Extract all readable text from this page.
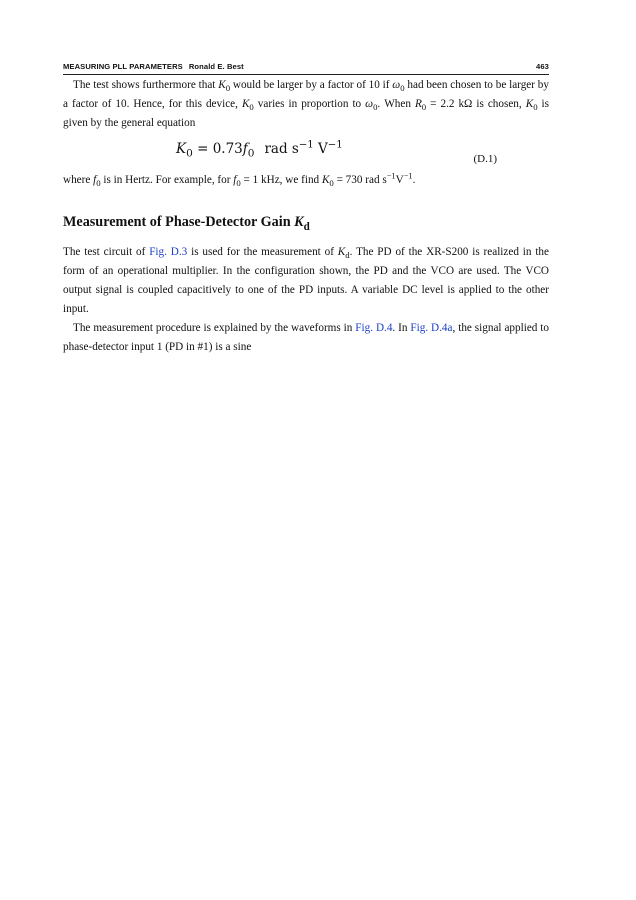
MEASURING PLL PARAMETERS Ronald E. Best	463

The test shows furthermore that $K_0$ would be larger by a factor of 10 if $\omega_0$ had been chosen to be larger by a factor of 10. Hence, for this device, $K_0$ varies in proportion to $\omega_0$. When $R_0 = 2.2$ kΩ is chosen, $K_0$ is given by the general equation

$K_0 = 0.73f_0$ rad $s^{-1}$ $V^{-1}$
(D.1)

where $f_0$ is in Hertz. For example, for $f_0 = 1$ kHz, we find $K_0 = 730$ rad $s^{-1}V^{-1}$.

Measurement of Phase-Detector Gain $K_d$

The test circuit of Fig. D.3 is used for the measurement of $K_d$. The PD of the XR-S200 is realized in the form of an operational multiplier. In the configuration shown, the PD and the VCO are used. The VCO output signal is coupled capacitively to one of the PD inputs. A variable DC level is applied to the other input.

The measurement procedure is explained by the waveforms in Fig. D.4. In Fig. D.4a, the signal applied to phase-detector input 1 (PD in #1) is a sine
